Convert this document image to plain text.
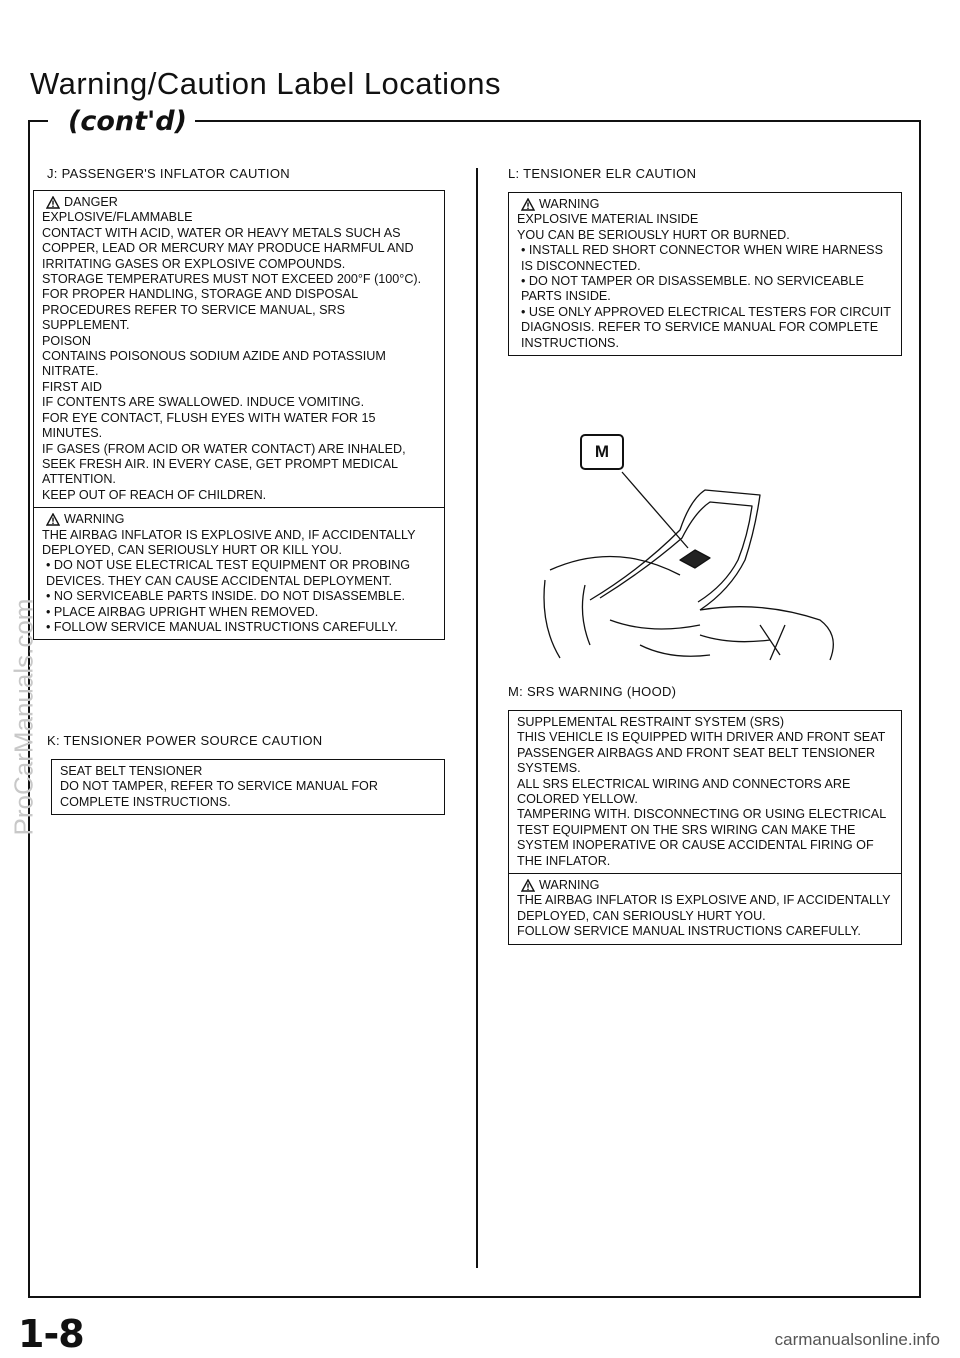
Warning/Caution Label Locations
(cont'd)
J: PASSENGER'S INFLATOR CAUTION
DANGER

EXPLOSIVE/FLAMMABLE

CONTACT WITH ACID, WATER OR HEAVY METALS SUCH AS COPPER, LEAD OR MERCURY MAY PRODUCE HARMFUL AND IRRITATING GASES OR EXPLOSIVE COMPOUNDS.

STORAGE TEMPERATURES MUST NOT EXCEED 200°F (100°C). FOR PROPER HANDLING, STORAGE AND DISPOSAL PROCEDURES REFER TO SERVICE MANUAL, SRS SUPPLEMENT.

POISON

CONTAINS POISONOUS SODIUM AZIDE AND POTASSIUM NITRATE.

FIRST AID

IF CONTENTS ARE SWALLOWED. INDUCE VOMITING.

FOR EYE CONTACT, FLUSH EYES WITH WATER FOR 15 MINUTES.

IF GASES (FROM ACID OR WATER CONTACT) ARE INHALED, SEEK FRESH AIR. IN EVERY CASE, GET PROMPT MEDICAL ATTENTION.

KEEP OUT OF REACH OF CHILDREN.

WARNING

THE AIRBAG INFLATOR IS EXPLOSIVE AND, IF ACCIDENTALLY DEPLOYED, CAN SERIOUSLY HURT OR KILL YOU.

• DO NOT USE ELECTRICAL TEST EQUIPMENT OR PROBING DEVICES. THEY CAN CAUSE ACCIDENTAL DEPLOYMENT.

• NO SERVICEABLE PARTS INSIDE. DO NOT DISASSEMBLE.

• PLACE AIRBAG UPRIGHT WHEN REMOVED.

• FOLLOW SERVICE MANUAL INSTRUCTIONS CAREFULLY.

K: TENSIONER POWER SOURCE CAUTION

SEAT BELT TENSIONER

DO NOT TAMPER, REFER TO SERVICE MANUAL FOR COMPLETE INSTRUCTIONS.

L: TENSIONER ELR CAUTION
WARNING

EXPLOSIVE MATERIAL INSIDE

YOU CAN BE SERIOUSLY HURT OR BURNED.

• INSTALL RED SHORT CONNECTOR WHEN WIRE HARNESS IS DISCONNECTED.

• DO NOT TAMPER OR DISASSEMBLE. NO SERVICEABLE PARTS INSIDE.

• USE ONLY APPROVED ELECTRICAL TESTERS FOR CIRCUIT DIAGNOSIS. REFER TO SERVICE MANUAL FOR COMPLETE INSTRUCTIONS.

M
M: SRS WARNING (HOOD)

SUPPLEMENTAL RESTRAINT SYSTEM (SRS)

THIS VEHICLE IS EQUIPPED WITH DRIVER AND FRONT SEAT PASSENGER AIRBAGS AND FRONT SEAT BELT TENSIONER SYSTEMS.

ALL SRS ELECTRICAL WIRING AND CONNECTORS ARE COLORED YELLOW.

TAMPERING WITH. DISCONNECTING OR USING ELECTRICAL TEST EQUIPMENT ON THE SRS WIRING CAN MAKE THE SYSTEM INOPERATIVE OR CAUSE ACCIDENTAL FIRING OF THE INFLATOR.

WARNING

THE AIRBAG INFLATOR IS EXPLOSIVE AND, IF ACCIDENTALLY DEPLOYED, CAN SERIOUSLY HURT YOU.

FOLLOW SERVICE MANUAL INSTRUCTIONS CAREFULLY.

ProCarManuals.com
1-8	carmanualsonline.info
